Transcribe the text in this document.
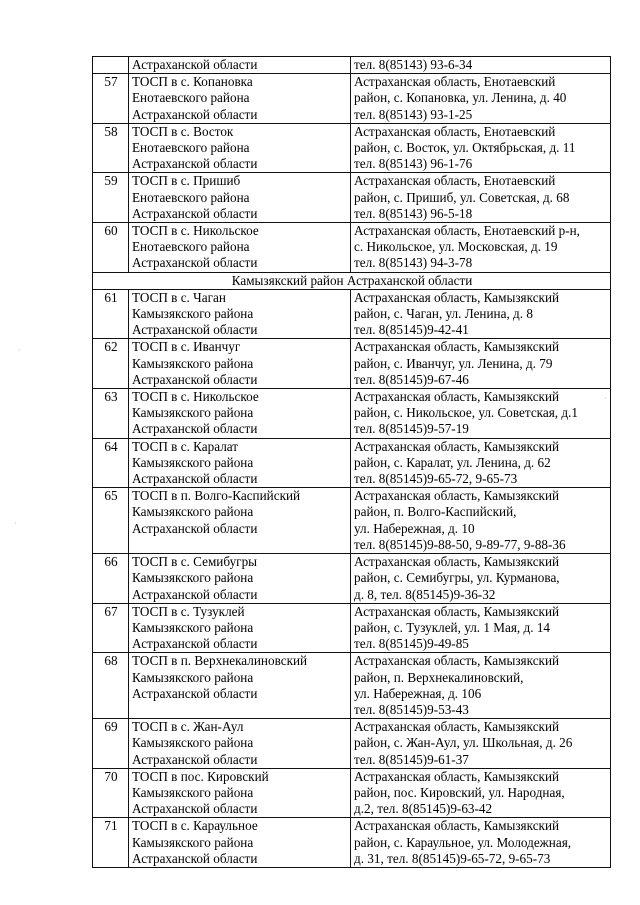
	Астраханской области	тел. 8(85143) 93-6-34

57	ТОСП в с. Копановка
Енотаевского района
Астраханской области	Астраханская область, Енотаевский
район, с. Копановка, ул. Ленина, д. 40
тел. 8(85143) 93-1-25

58	ТОСП в с. Восток
Енотаевского района
Астраханской области	Астраханская область, Енотаевский
район, с. Восток, ул. Октябрьская, д. 11
тел. 8(85143) 96-1-76

59	ТОСП в с. Пришиб
Енотаевского района
Астраханской области	Астраханская область, Енотаевский
район, с. Пришиб, ул. Советская, д. 68
тел. 8(85143) 96-5-18

60	ТОСП в с. Никольское
Енотаевского района
Астраханской области	Астраханская область, Енотаевский р-н,
с. Никольское, ул. Московская, д. 19
тел. 8(85143) 94-3-78

Камызякский район Астраханской области		
61	ТОСП в с. Чаган
Камызякского района
Астраханской области	Астраханская область, Камызякский
район, с. Чаган, ул. Ленина, д. 8
тел. 8(85145)9-42-41

62	ТОСП в с. Иванчуг
Камызякского района
Астраханской области	Астраханская область, Камызякский
район, с. Иванчуг, ул. Ленина, д. 79
тел. 8(85145)9-67-46

63	ТОСП в с. Никольское
Камызякского района
Астраханской области	Астраханская область, Камызякский
район, с. Никольское, ул. Советская, д.1
тел. 8(85145)9-57-19

64	ТОСП в с. Каралат
Камызякского района
Астраханской области	Астраханская область, Камызякский
район, с. Каралат, ул. Ленина, д. 62
тел. 8(85145)9-65-72, 9-65-73

65	ТОСП в п. Волго-Каспийский
Камызякского района
Астраханской области	Астраханская область, Камызякский
район, п. Волго-Каспийский,
ул. Набережная, д. 10
тел. 8(85145)9-88-50, 9-89-77, 9-88-36

66	ТОСП в с. Семибугры
Камызякского района
Астраханской области	Астраханская область, Камызякский
район, с. Семибугры, ул. Курманова,
д. 8, тел. 8(85145)9-36-32

67	ТОСП в с. Тузуклей
Камызякского района
Астраханской области	Астраханская область, Камызякский
район, с. Тузуклей, ул. 1 Мая, д. 14
тел. 8(85145)9-49-85

68	ТОСП в п. Верхнекалиновский
Камызякского района
Астраханской области	Астраханская область, Камызякский
район, п. Верхнекалиновский,
ул. Набережная, д. 106
тел. 8(85145)9-53-43

69	ТОСП в с. Жан-Аул
Камызякского района
Астраханской области	Астраханская область, Камызякский
район, с. Жан-Аул, ул. Школьная, д. 26
тел. 8(85145)9-61-37

70	ТОСП в пос. Кировский
Камызякского района
Астраханской области	Астраханская область, Камызякский
район, пос. Кировский, ул. Народная,
д.2, тел. 8(85145)9-63-42

71	ТОСП в с. Караульное
Камызякского района
Астраханской области	Астраханская область, Камызякский
район, с. Караульное, ул. Молодежная,
д. 31, тел. 8(85145)9-65-72, 9-65-73
·
·
·
